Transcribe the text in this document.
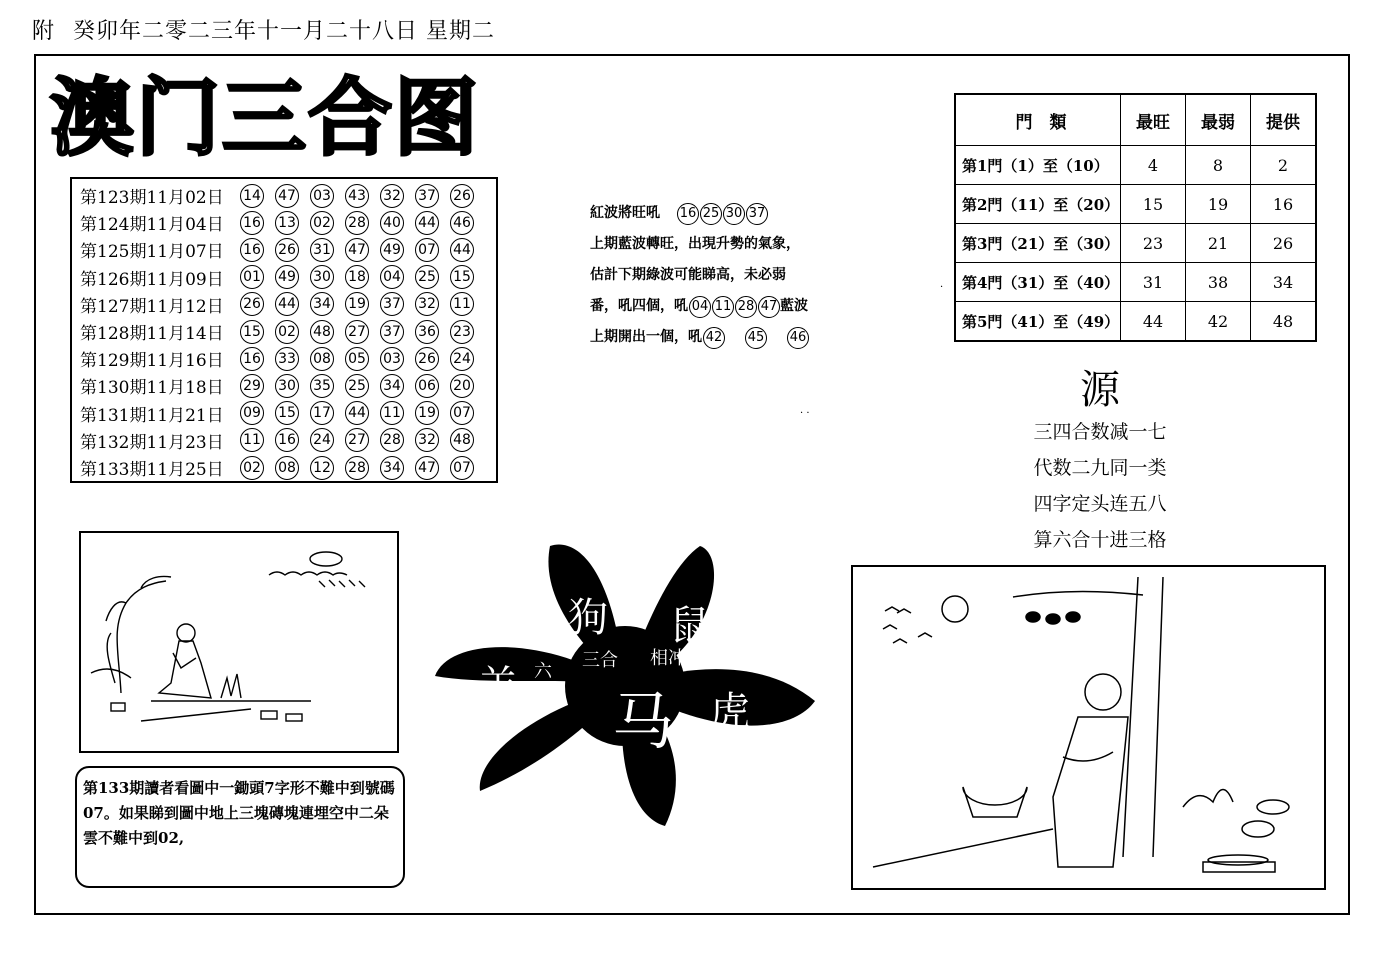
附 癸卯年二零二三年十一月二十八日 星期二
澳门三合图
第123期11月02日	14 47 03 43 32 37 26
第124期11月04日	16 13 02 28 40 44 46
第125期11月07日	16 26 31 47 49 07 44
第126期11月09日	01 49 30 18 04 25 15
第127期11月12日	26 44 34 19 37 32 11
第128期11月14日	15 02 48 27 37 36 23
第129期11月16日	16 33 08 05 03 26 24
第130期11月18日	29 30 35 25 34 06 20
第131期11月21日	09 15 17 44 11 19 07
第132期11月23日	11 16 24 27 28 32 48
第133期11月25日	02 08 12 28 34 47 07
紅波將旺吼 16 25 30 37
上期藍波轉旺，出現升勢的氣象，
估計下期綠波可能睇高，未必弱
番，吼四個，吼 04 11 28 47 藍波
上期開出一個，吼 42 45 46
門　類	最旺	最弱	提供
第1門（1）至（10）	4	8	2
第2門（11）至（20）	15	19	16
第3門（21）至（30）	23	21	26
第4門（31）至（40）	31	38	34
第5門（41）至（49）	44	42	48
源
三四合数减一七
代数二九同一类
四字定头连五八
算六合十进三格
第133期讀者看圖中一鋤頭7字形不難中到號碼07。如果睇到圖中地上三塊磚塊連埋空中二朵雲不難中到02,
狗 鼠
羊 六合
三合 相冲
马 虎
· ·
·
